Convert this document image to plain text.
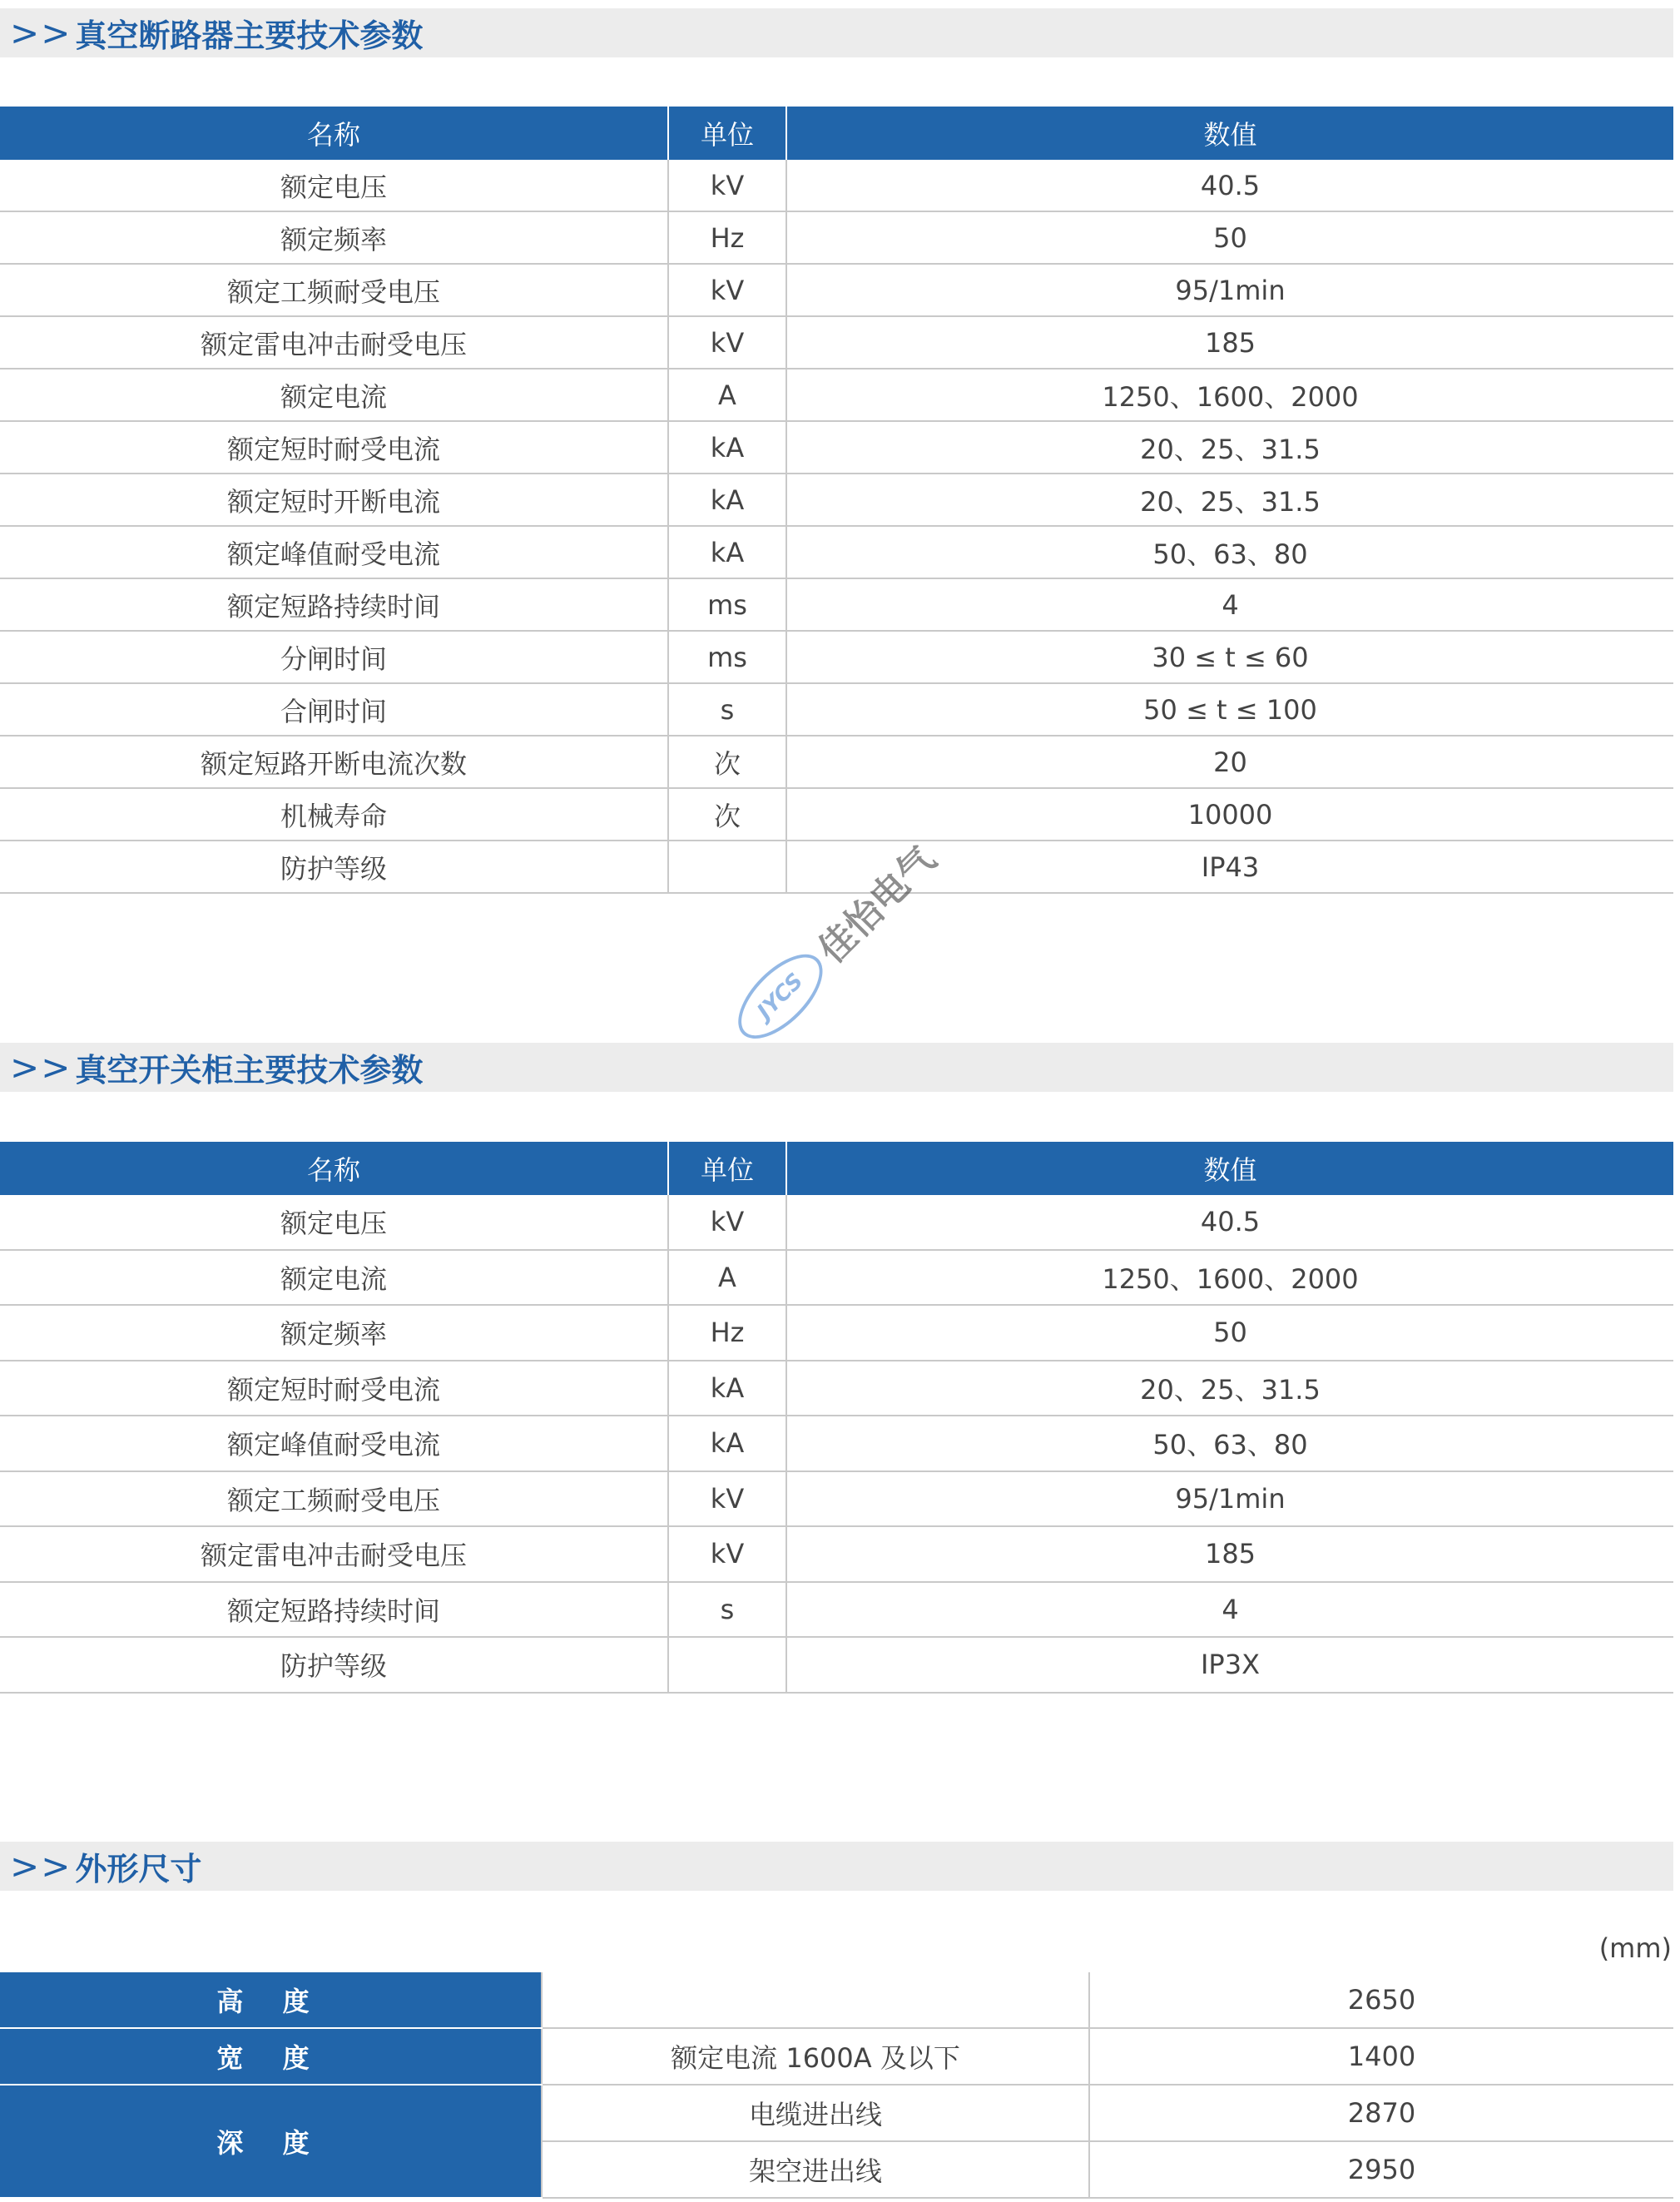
>> 真空断路器主要技术参数
名称	单位	数值
额定电压	kV	40.5
额定频率	Hz	50
额定工频耐受电压	kV	95/1min
额定雷电冲击耐受电压	kV	185
额定电流	A	1250、1600、2000
额定短时耐受电流	kA	20、25、31.5
额定短时开断电流	kA	20、25、31.5
额定峰值耐受电流	kA	50、63、80
额定短路持续时间	ms	4
分闸时间	ms	30 ≤ t ≤ 60
合闸时间	s	50 ≤ t ≤ 100
额定短路开断电流次数	次	20
机械寿命	次	10000
防护等级		IP43
>> 真空开关柜主要技术参数
名称	单位	数值
额定电压	kV	40.5
额定电流	A	1250、1600、2000
额定频率	Hz	50
额定短时耐受电流	kA	20、25、31.5
额定峰值耐受电流	kA	50、63、80
额定工频耐受电压	kV	95/1min
额定雷电冲击耐受电压	kV	185
额定短路持续时间	s	4
防护等级		IP3X
>> 外形尺寸
(mm)
高 度		2650
宽 度	额定电流 1600A 及以下	1400
深 度	电缆进出线	2870
	架空进出线	2950
JYCS
佳怡电气
